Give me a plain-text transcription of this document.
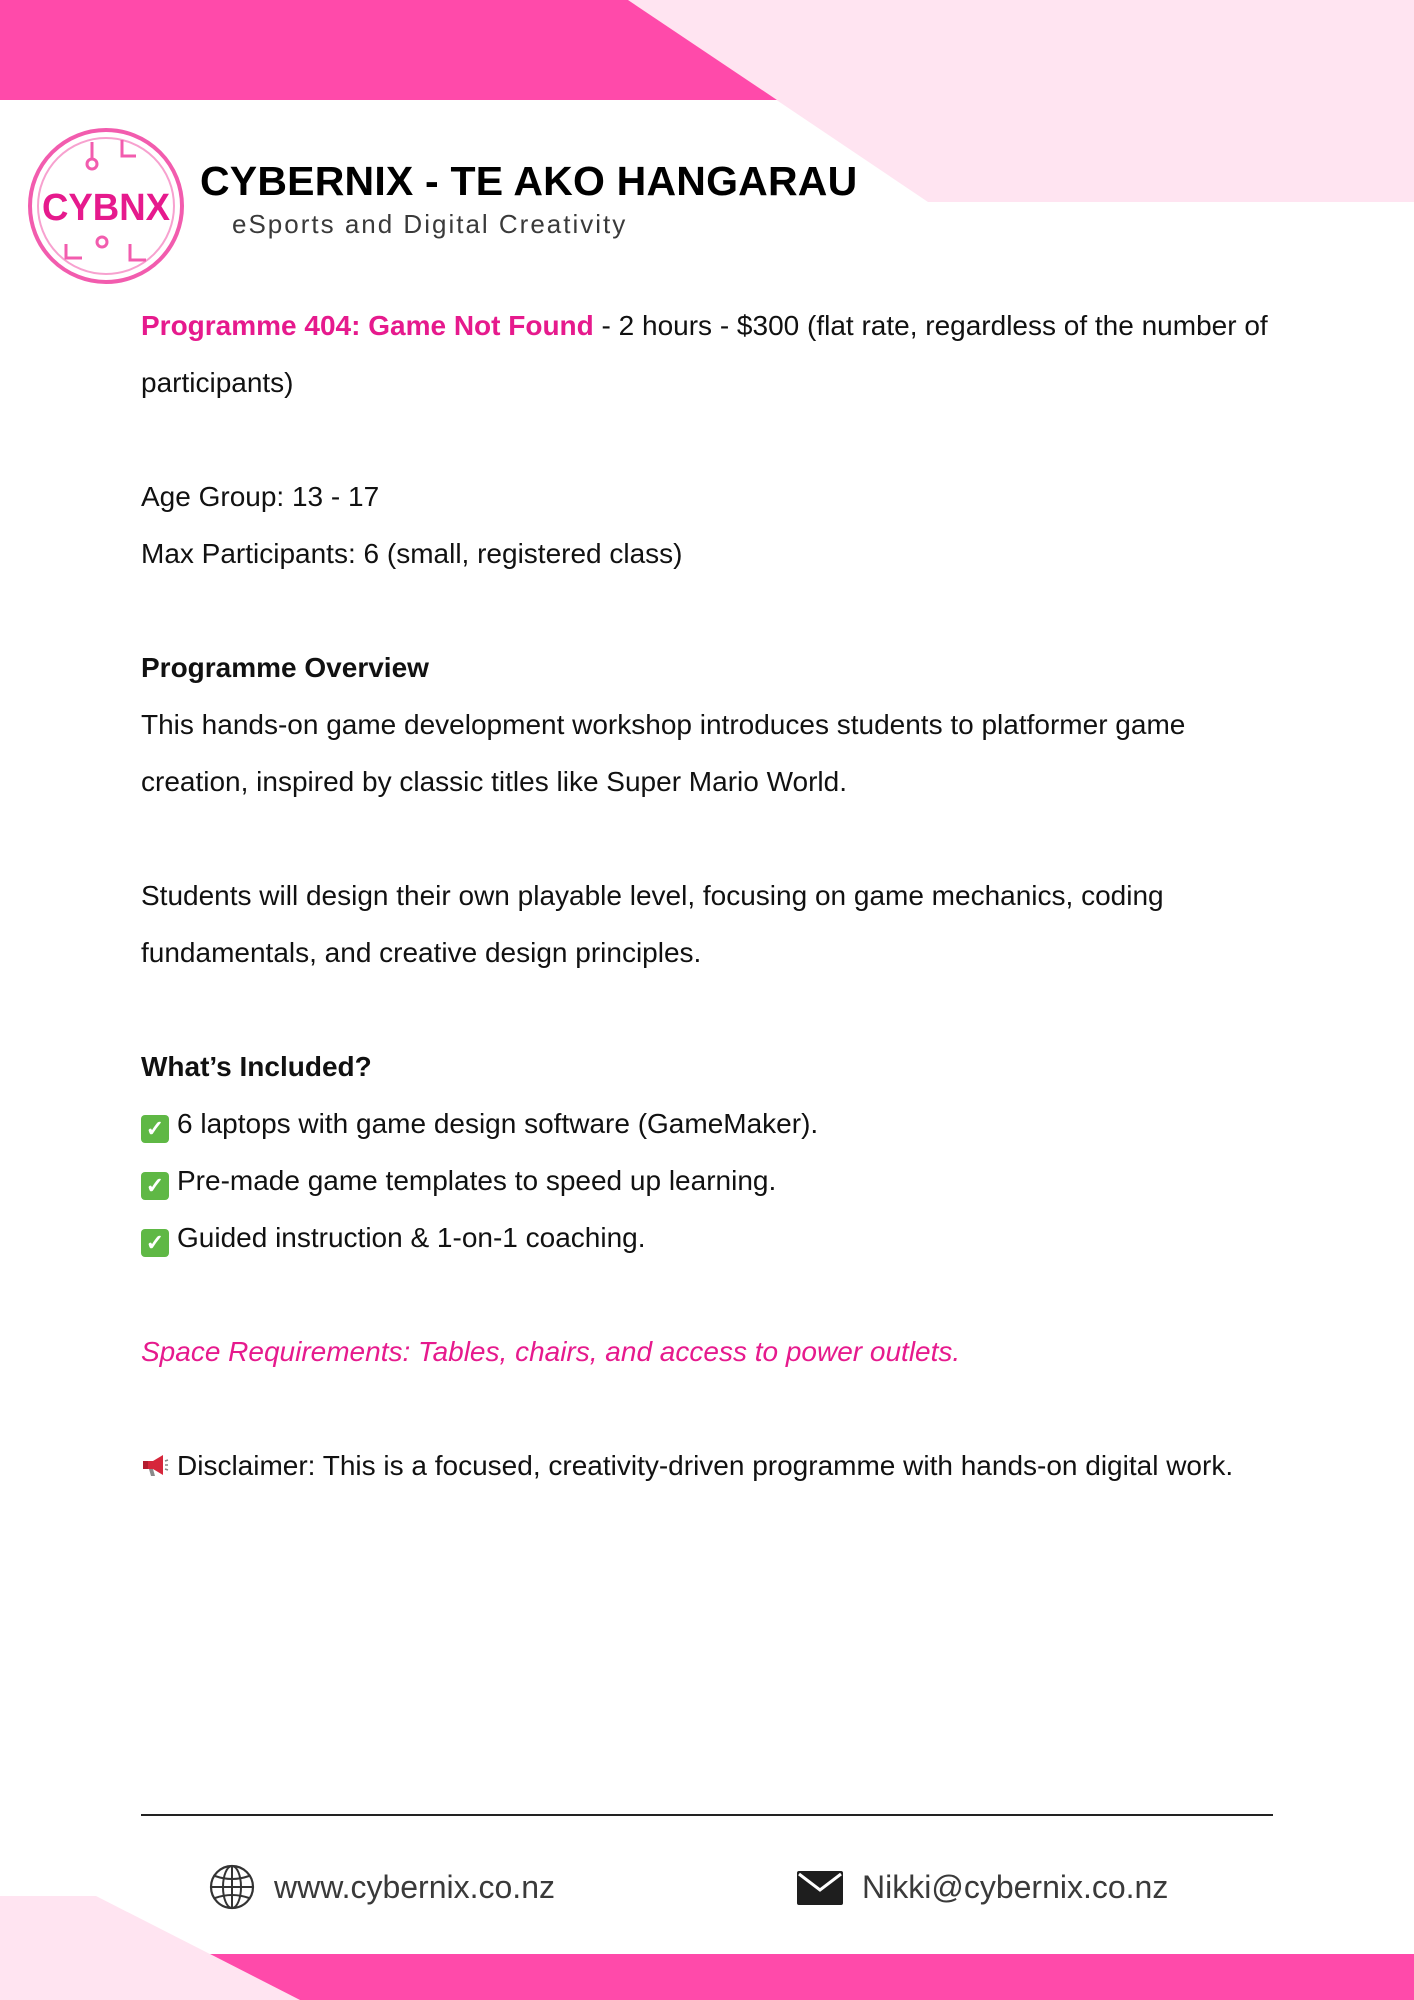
CYBNX
CYBERNIX - TE AKO HANGARAU
eSports and Digital Creativity

Programme 404: Game Not Found - 2 hours - $300 (flat rate, regardless of the number of participants)

Age Group: 13 - 17

Max Participants: 6 (small, registered class)

Programme Overview

This hands-on game development workshop introduces students to platformer game creation, inspired by classic titles like Super Mario World.

Students will design their own playable level, focusing on game mechanics, coding fundamentals, and creative design principles.

What’s Included?

✓ 6 laptops with game design software (GameMaker).

✓ Pre-made game templates to speed up learning.

✓ Guided instruction & 1-on-1 coaching.

Space Requirements: Tables, chairs, and access to power outlets.

Disclaimer: This is a focused, creativity-driven programme with hands-on digital work.

www.cybernix.co.nz	Nikki@cybernix.co.nz
